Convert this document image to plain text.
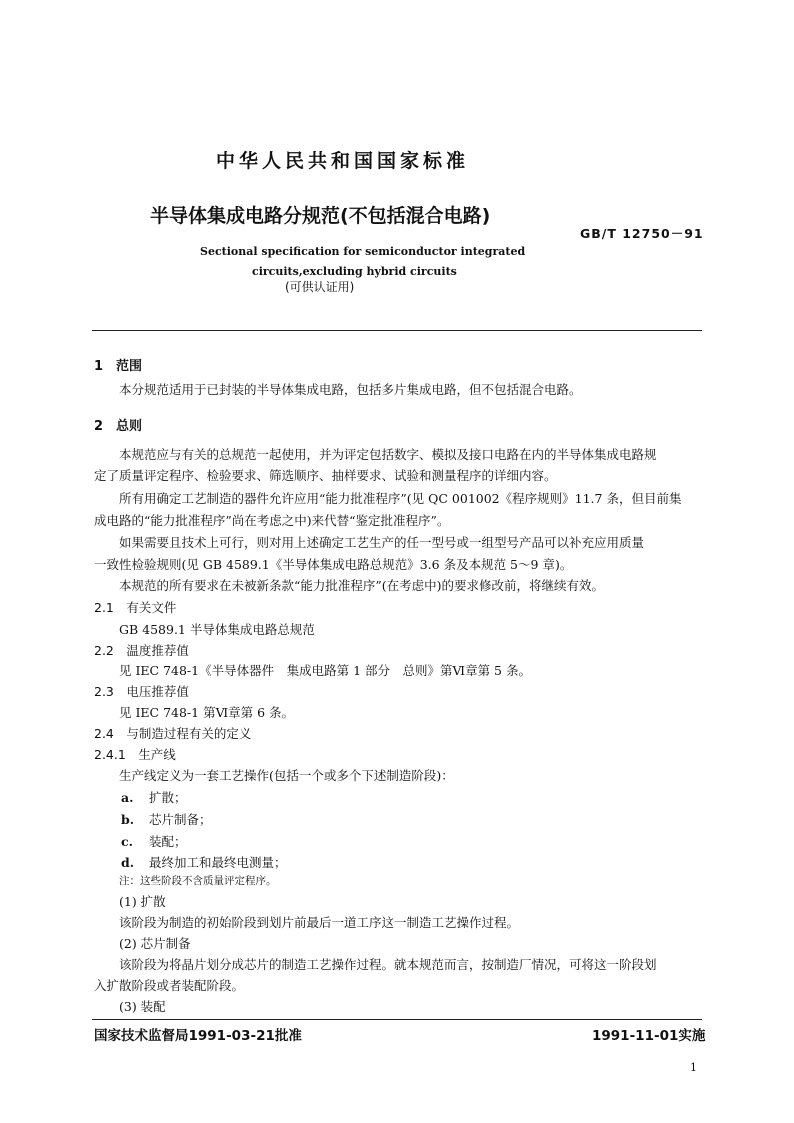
中华人民共和国国家标准
半导体集成电路分规范(不包括混合电路)
GB/T 12750－91
Sectional specification for semiconductor integrated
circuits,excluding hybrid circuits
(可供认证用)
1　范围
本分规范适用于已封装的半导体集成电路，包括多片集成电路，但不包括混合电路。
2　总则
本规范应与有关的总规范一起使用，并为评定包括数字、模拟及接口电路在内的半导体集成电路规
定了质量评定程序、检验要求、筛选顺序、抽样要求、试验和测量程序的详细内容。
所有用确定工艺制造的器件允许应用“能力批准程序”(见 QC 001002《程序规则》11.7 条，但目前集
成电路的“能力批准程序”尚在考虑之中)来代替“鉴定批准程序”。
如果需要且技术上可行，则对用上述确定工艺生产的任一型号或一组型号产品可以补充应用质量
一致性检验规则(见 GB 4589.1《半导体集成电路总规范》3.6 条及本规范 5～9 章)。
本规范的所有要求在未被新条款“能力批准程序”(在考虑中)的要求修改前，将继续有效。
2.1　有关文件
GB 4589.1 半导体集成电路总规范
2.2　温度推荐值
见 IEC 748-1《半导体器件　集成电路第 1 部分　总则》第Ⅵ章第 5 条。
2.3　电压推荐值
见 IEC 748-1 第Ⅵ章第 6 条。
2.4　与制造过程有关的定义
2.4.1　生产线
生产线定义为一套工艺操作(包括一个或多个下述制造阶段)：
a. 扩散；
b. 芯片制备；
c. 装配；
d. 最终加工和最终电测量；
注：这些阶段不含质量评定程序。
(1) 扩散
该阶段为制造的初始阶段到划片前最后一道工序这一制造工艺操作过程。
(2) 芯片制备
该阶段为将晶片划分成芯片的制造工艺操作过程。就本规范而言，按制造厂情况，可将这一阶段划
入扩散阶段或者装配阶段。
(3) 装配
国家技术监督局1991-03-21批准	1991-11-01实施
1
